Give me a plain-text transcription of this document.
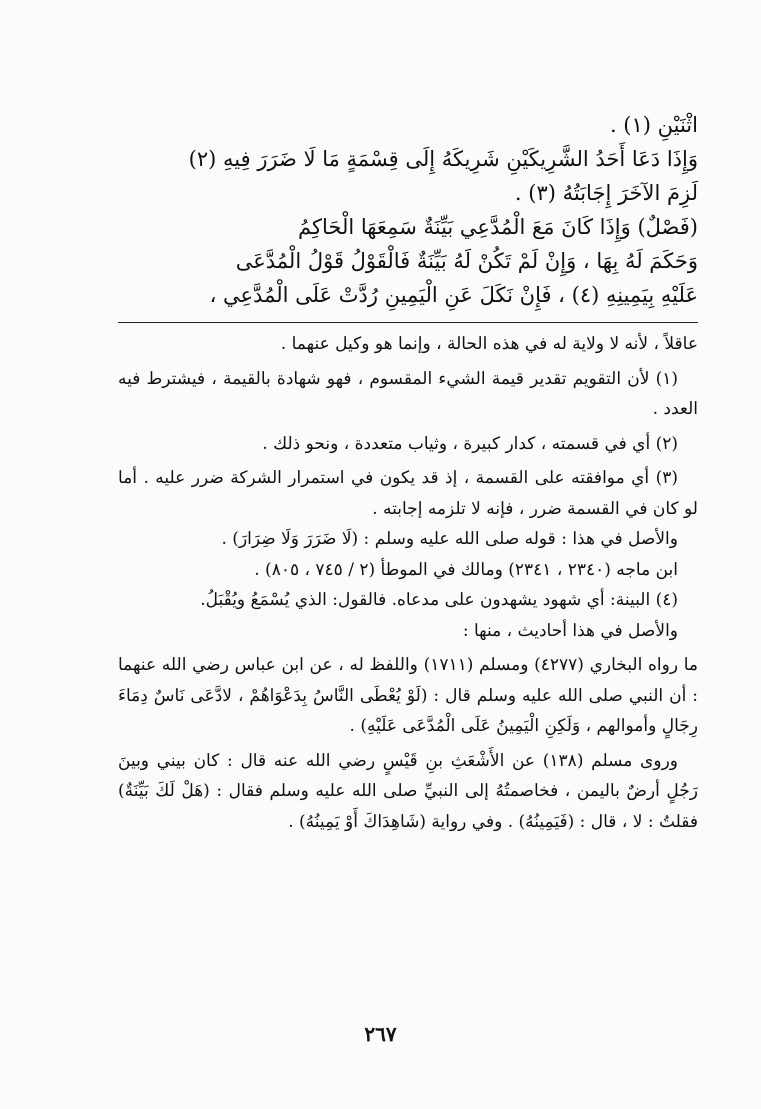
اثْنَيْنِ (١) .

وَإِذَا دَعَا أَحَدُ الشَّرِيكَيْنِ شَرِيكَهُ إِلَى قِسْمَةٍ مَا لَا ضَرَرَ فِيهِ (٢)

لَزِمَ الآخَرَ إِجَابَتُهُ (٣) .

(فَصْلٌ) وَإِذَا كَانَ مَعَ الْمُدَّعِي بَيِّنَةٌ سَمِعَهَا الْحَاكِمُ

وَحَكَمَ لَهُ بِهَا ، وَإِنْ لَمْ تَكُنْ لَهُ بَيِّنَةٌ فَالْقَوْلُ قَوْلُ الْمُدَّعَى

عَلَيْهِ بِيَمِينِهِ (٤) ، فَإِنْ نَكَلَ عَنِ الْيَمِينِ رُدَّتْ عَلَى الْمُدَّعِي ،

عاقلاً ، لأنه لا ولاية له في هذه الحالة ، وإنما هو وكيل عنهما .

(١) لأن التقويم تقدير قيمة الشيء المقسوم ، فهو شهادة بالقيمة ، فيشترط فيه العدد .

(٢) أي في قسمته ، كدار كبيرة ، وثياب متعددة ، ونحو ذلك .

(٣) أي موافقته على القسمة ، إذ قد يكون في استمرار الشركة ضرر عليه . أما لو كان في القسمة ضرر ، فإنه لا تلزمه إجابته .

والأصل في هذا : قوله صلى الله عليه وسلم : (لَا ضَرَرَ وَلَا ضِرَارَ) .

ابن ماجه (٢٣٤٠ ، ٢٣٤١) ومالك في الموطأ (٢ / ٧٤٥ ، ٨٠٥) .

(٤) البينة: أي شهود يشهدون على مدعاه. فالقول: الذي يُسْمَعُ ويُقْبَلُ.

والأصل في هذا أحاديث ، منها :

ما رواه البخاري (٤٢٧٧) ومسلم (١٧١١) واللفظ له ، عن ابن عباس رضي الله عنهما : أن النبي صلى الله عليه وسلم قال : (لَوْ يُعْطَى النَّاسُ بِدَعْوَاهُمْ ، لادَّعَى نَاسٌ دِمَاءَ رِجَالٍ وأموالهم ، وَلَكِنِ الْيَمِينُ عَلَى الْمُدَّعَى عَلَيْهِ) .

وروى مسلم (١٣٨) عن الأَشْعَثِ بنِ قَيْسٍ رضي الله عنه قال : كان بيني وبينَ رَجُلٍ أرضٌ باليمن ، فخاصمتُهُ إلى النبيِّ صلى الله عليه وسلم فقال : (هَلْ لَكَ بَيِّنَةٌ) فقلتُ : لا ، قال : (فَيَمِينُهُ) . وفي رواية (شَاهِدَاكَ أَوْ يَمِينُهُ) .

٢٦٧
